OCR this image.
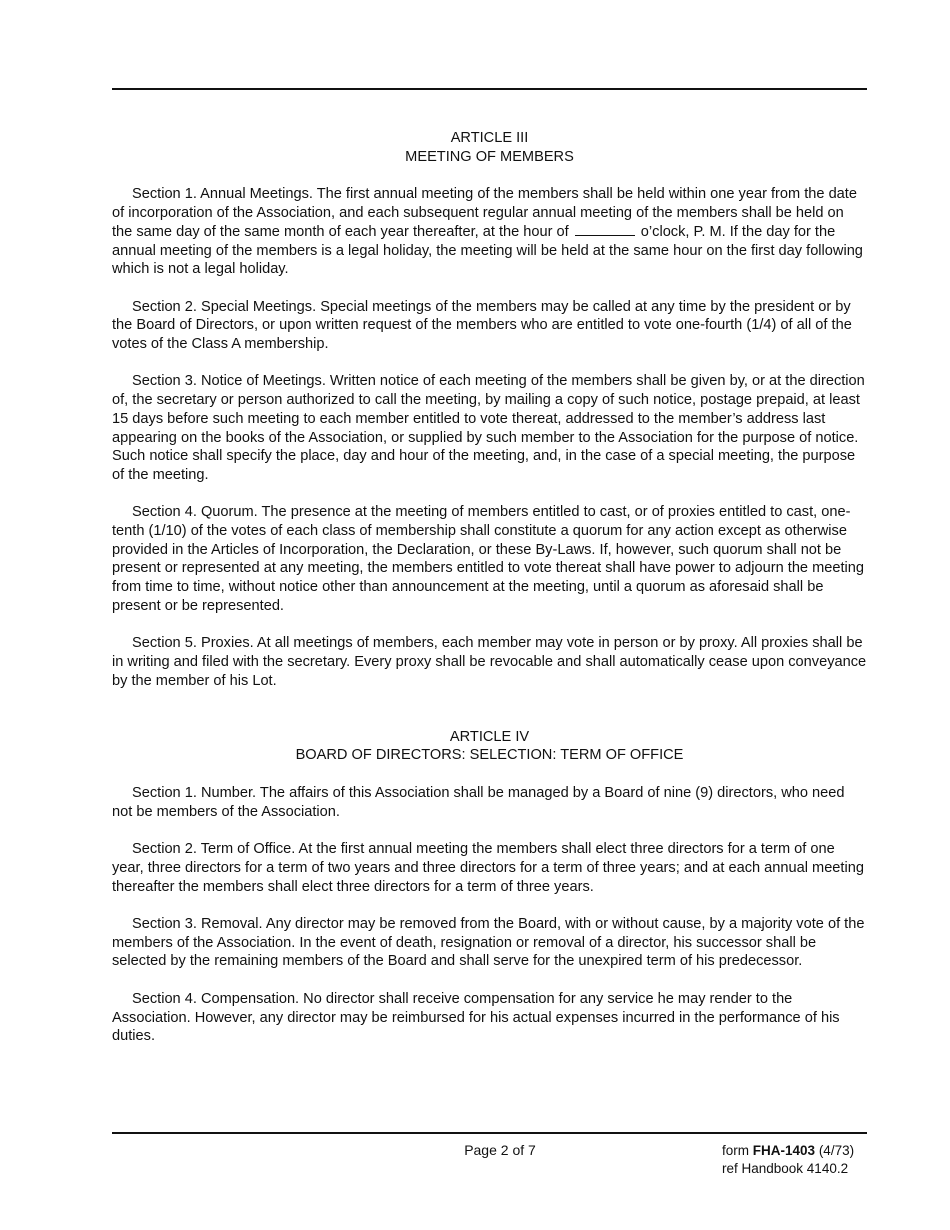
ARTICLE III
MEETING OF MEMBERS

Section 1. Annual Meetings. The first annual meeting of the members shall be held within one year from the date of incorporation of the Association, and each subsequent regular annual meeting of the members shall be held on the same day of the same month of each year thereafter, at the hour of	o’clock, P. M. If the day for the annual meeting of the members is a legal holiday, the meeting will be held at the same hour on the first day following which is not a legal holiday.

Section 2. Special Meetings. Special meetings of the members may be called at any time by the president or by the Board of Directors, or upon written request of the members who are entitled to vote one-fourth (1/4) of all of the votes of the Class A membership.

Section 3. Notice of Meetings. Written notice of each meeting of the members shall be given by, or at the direction of, the secretary or person authorized to call the meeting, by mailing a copy of such notice, postage prepaid, at least 15 days before such meeting to each member entitled to vote thereat, addressed to the member’s address last appearing on the books of the Association, or supplied by such member to the Association for the purpose of notice. Such notice shall specify the place, day and hour of the meeting, and, in the case of a special meeting, the purpose of the meeting.

Section 4. Quorum. The presence at the meeting of members entitled to cast, or of proxies entitled to cast, one-tenth (1/10) of the votes of each class of membership shall constitute a quorum for any action except as otherwise provided in the Articles of Incorporation, the Declaration, or these By-Laws. If, however, such quorum shall not be present or represented at any meeting, the members entitled to vote thereat shall have power to adjourn the meeting from time to time, without notice other than announcement at the meeting, until a quorum as aforesaid shall be present or be represented.

Section 5. Proxies. At all meetings of members, each member may vote in person or by proxy. All proxies shall be in writing and filed with the secretary. Every proxy shall be revocable and shall automatically cease upon conveyance by the member of his Lot.

ARTICLE IV
BOARD OF DIRECTORS: SELECTION: TERM OF OFFICE

Section 1. Number. The affairs of this Association shall be managed by a Board of nine (9) directors, who need not be members of the Association.

Section 2. Term of Office. At the first annual meeting the members shall elect three directors for a term of one year, three directors for a term of two years and three directors for a term of three years; and at each annual meeting thereafter the members shall elect three directors for a term of three years.

Section 3. Removal. Any director may be removed from the Board, with or without cause, by a majority vote of the members of the Association. In the event of death, resignation or removal of a director, his successor shall be selected by the remaining members of the Board and shall serve for the unexpired term of his predecessor.

Section 4. Compensation. No director shall receive compensation for any service he may render to the Association. However, any director may be reimbursed for his actual expenses incurred in the performance of his duties.

Page 2 of 7	form FHA-1403 (4/73)
ref Handbook 4140.2
